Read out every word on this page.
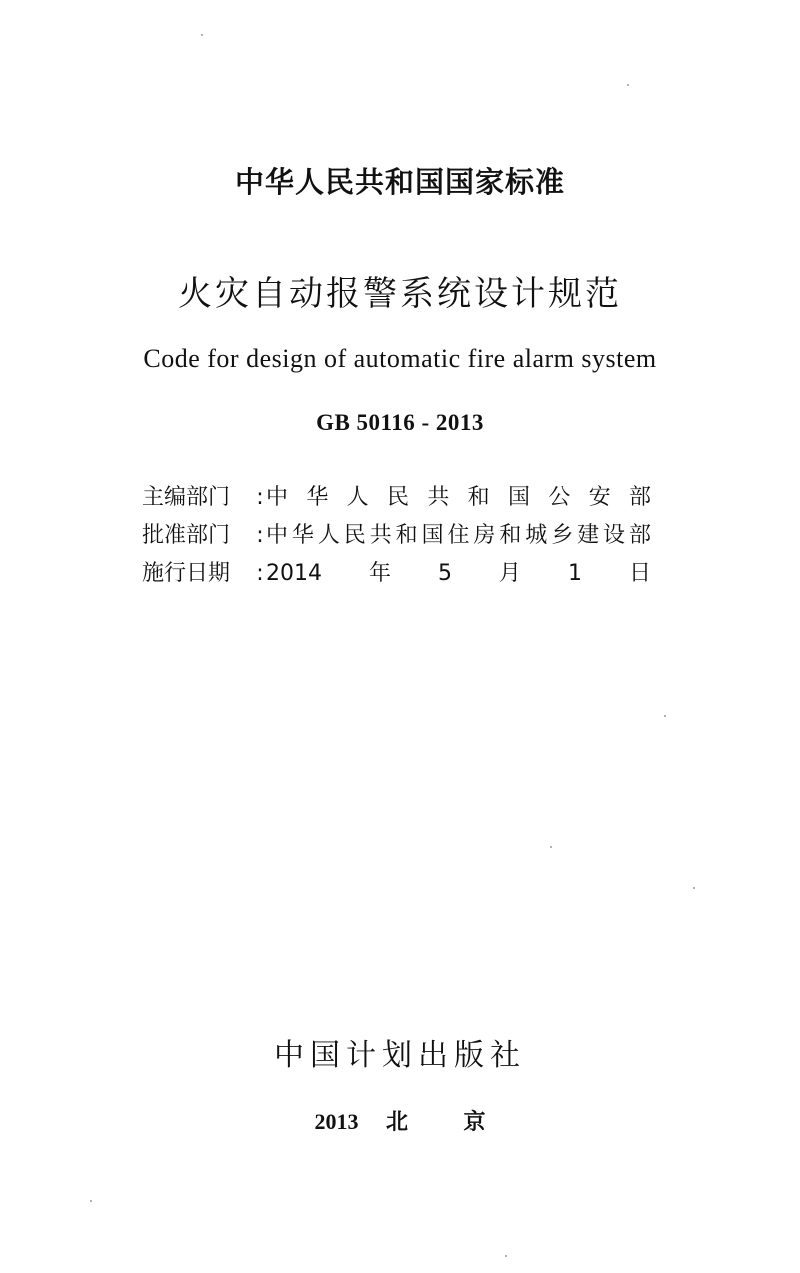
中华人民共和国国家标准
火灾自动报警系统设计规范
Code for design of automatic fire alarm system
GB 50116 - 2013
主编部门	: 中华人民共和国公安部
批准部门	: 中华人民共和国住房和城乡建设部
施行日期	: 2014年5月1日
中国计划出版社
2013 北	京
